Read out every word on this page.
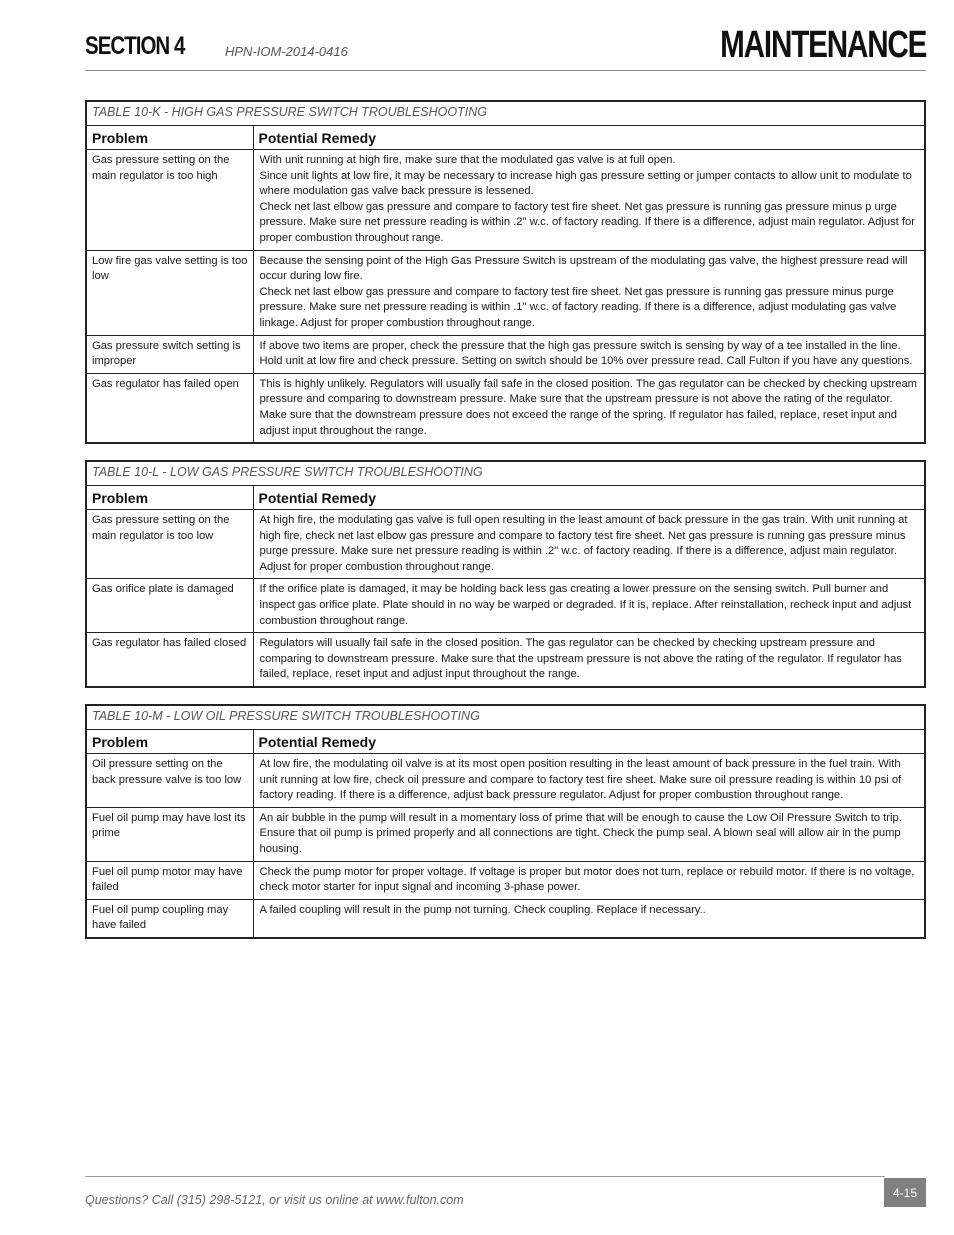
SECTION 4	HPN-IOM-2014-0416	MAINTENANCE
TABLE 10-K - HIGH GAS PRESSURE SWITCH TROUBLESHOOTING	
Problem	Potential Remedy
Gas pressure setting on the main regulator is too high	With unit running at high fire, make sure that the modulated gas valve is at full open.
Since unit lights at low fire, it may be necessary to increase high gas pressure setting or jumper contacts to allow unit to modulate to where modulation gas valve back pressure is lessened.
Check net last elbow gas pressure and compare to factory test fire sheet. Net gas pressure is running gas pressure minus p urge pressure. Make sure net pressure reading is within .2" w.c. of factory reading. If there is a difference, adjust main regulator. Adjust for proper combustion throughout range.

Low fire gas valve setting is too low	Because the sensing point of the High Gas Pressure Switch is upstream of the modulating gas valve, the highest pressure read will occur during low fire.
Check net last elbow gas pressure and compare to factory test fire sheet. Net gas pressure is running gas pressure minus purge pressure. Make sure net pressure reading is within .1" w.c. of factory reading. If there is a difference, adjust modulating gas valve linkage. Adjust for proper combustion throughout range.

Gas pressure switch setting is improper	If above two items are proper, check the pressure that the high gas pressure switch is sensing by way of a tee installed in the line. Hold unit at low fire and check pressure. Setting on switch should be 10% over pressure read. Call Fulton if you have any questions.

Gas regulator has failed open	This is highly unlikely. Regulators will usually fail safe in the closed position. The gas regulator can be checked by checking upstream pressure and comparing to downstream pressure. Make sure that the upstream pressure is not above the rating of the regulator. Make sure that the downstream pressure does not exceed the range of the spring. If regulator has failed, replace, reset input and adjust input throughout the range.
TABLE 10-L - LOW GAS PRESSURE SWITCH TROUBLESHOOTING	
Problem	Potential Remedy
Gas pressure setting on the main regulator is too low	At high fire, the modulating gas valve is full open resulting in the least amount of back pressure in the gas train. With unit running at high fire, check net last elbow gas pressure and compare to factory test fire sheet. Net gas pressure is running gas pressure minus purge pressure. Make sure net pressure reading is within .2" w.c. of factory reading. If there is a difference, adjust main regulator. Adjust for proper combustion throughout range.

Gas orifice plate is damaged	If the orifice plate is damaged, it may be holding back less gas creating a lower pressure on the sensing switch. Pull burner and inspect gas orifice plate. Plate should in no way be warped or degraded. If it is, replace. After reinstallation, recheck input and adjust combustion throughout range.

Gas regulator has failed closed	Regulators will usually fail safe in the closed position. The gas regulator can be checked by checking upstream pressure and comparing to downstream pressure. Make sure that the upstream pressure is not above the rating of the regulator. If regulator has failed, replace, reset input and adjust input throughout the range.
TABLE 10-M - LOW OIL PRESSURE SWITCH TROUBLESHOOTING	
Problem	Potential Remedy
Oil pressure setting on the back pressure valve is too low	At low fire, the modulating oil valve is at its most open position resulting in the least amount of back pressure in the fuel train. With unit running at low fire, check oil pressure and compare to factory test fire sheet. Make sure oil pressure reading is within 10 psi of factory reading. If there is a difference, adjust back pressure regulator. Adjust for proper combustion throughout range.

Fuel oil pump may have lost its prime	An air bubble in the pump will result in a momentary loss of prime that will be enough to cause the Low Oil Pressure Switch to trip. Ensure that oil pump is primed properly and all connections are tight. Check the pump seal. A blown seal will allow air in the pump housing.

Fuel oil pump motor may have failed	Check the pump motor for proper voltage. If voltage is proper but motor does not turn, replace or rebuild motor. If there is no voltage, check motor starter for input signal and incoming 3-phase power.

Fuel oil pump coupling may have failed	A failed coupling will result in the pump not turning. Check coupling. Replace if necessary..
Questions? Call (315) 298-5121, or visit us online at www.fulton.com
4-15
